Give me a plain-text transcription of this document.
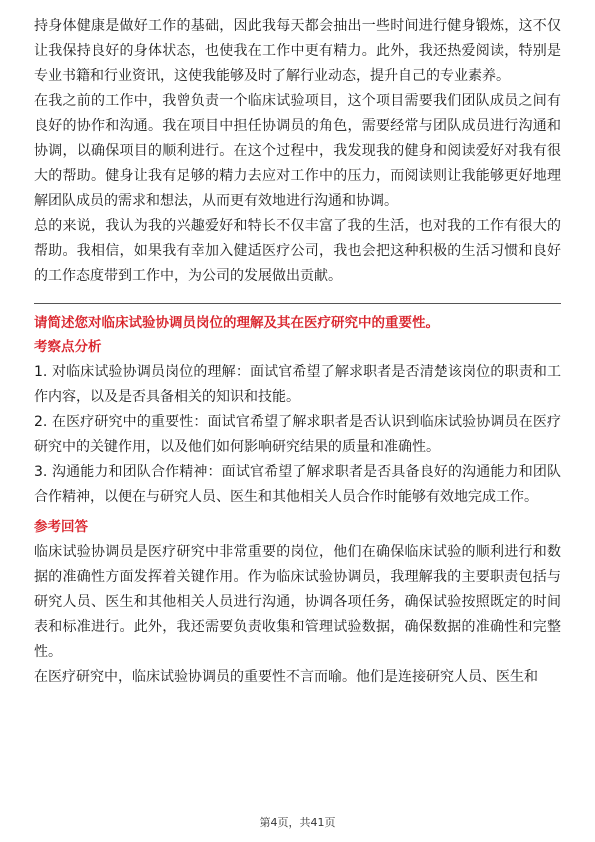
持身体健康是做好工作的基础，因此我每天都会抽出一些时间进行健身锻炼，这不仅让我保持良好的身体状态，也使我在工作中更有精力。此外，我还热爱阅读，特别是专业书籍和行业资讯，这使我能够及时了解行业动态，提升自己的专业素养。

在我之前的工作中，我曾负责一个临床试验项目，这个项目需要我们团队成员之间有良好的协作和沟通。我在项目中担任协调员的角色，需要经常与团队成员进行沟通和协调，以确保项目的顺利进行。在这个过程中，我发现我的健身和阅读爱好对我有很大的帮助。健身让我有足够的精力去应对工作中的压力，而阅读则让我能够更好地理解团队成员的需求和想法，从而更有效地进行沟通和协调。

总的来说，我认为我的兴趣爱好和特长不仅丰富了我的生活，也对我的工作有很大的帮助。我相信，如果我有幸加入健适医疗公司，我也会把这种积极的生活习惯和良好的工作态度带到工作中，为公司的发展做出贡献。

请简述您对临床试验协调员岗位的理解及其在医疗研究中的重要性。

考察点分析

1. 对临床试验协调员岗位的理解：面试官希望了解求职者是否清楚该岗位的职责和工作内容，以及是否具备相关的知识和技能。

2. 在医疗研究中的重要性：面试官希望了解求职者是否认识到临床试验协调员在医疗研究中的关键作用，以及他们如何影响研究结果的质量和准确性。

3. 沟通能力和团队合作精神：面试官希望了解求职者是否具备良好的沟通能力和团队合作精神，以便在与研究人员、医生和其他相关人员合作时能够有效地完成工作。

参考回答

临床试验协调员是医疗研究中非常重要的岗位，他们在确保临床试验的顺利进行和数据的准确性方面发挥着关键作用。作为临床试验协调员，我理解我的主要职责包括与研究人员、医生和其他相关人员进行沟通，协调各项任务，确保试验按照既定的时间表和标准进行。此外，我还需要负责收集和管理试验数据，确保数据的准确性和完整性。

在医疗研究中，临床试验协调员的重要性不言而喻。他们是连接研究人员、医生和

第4页，共41页
